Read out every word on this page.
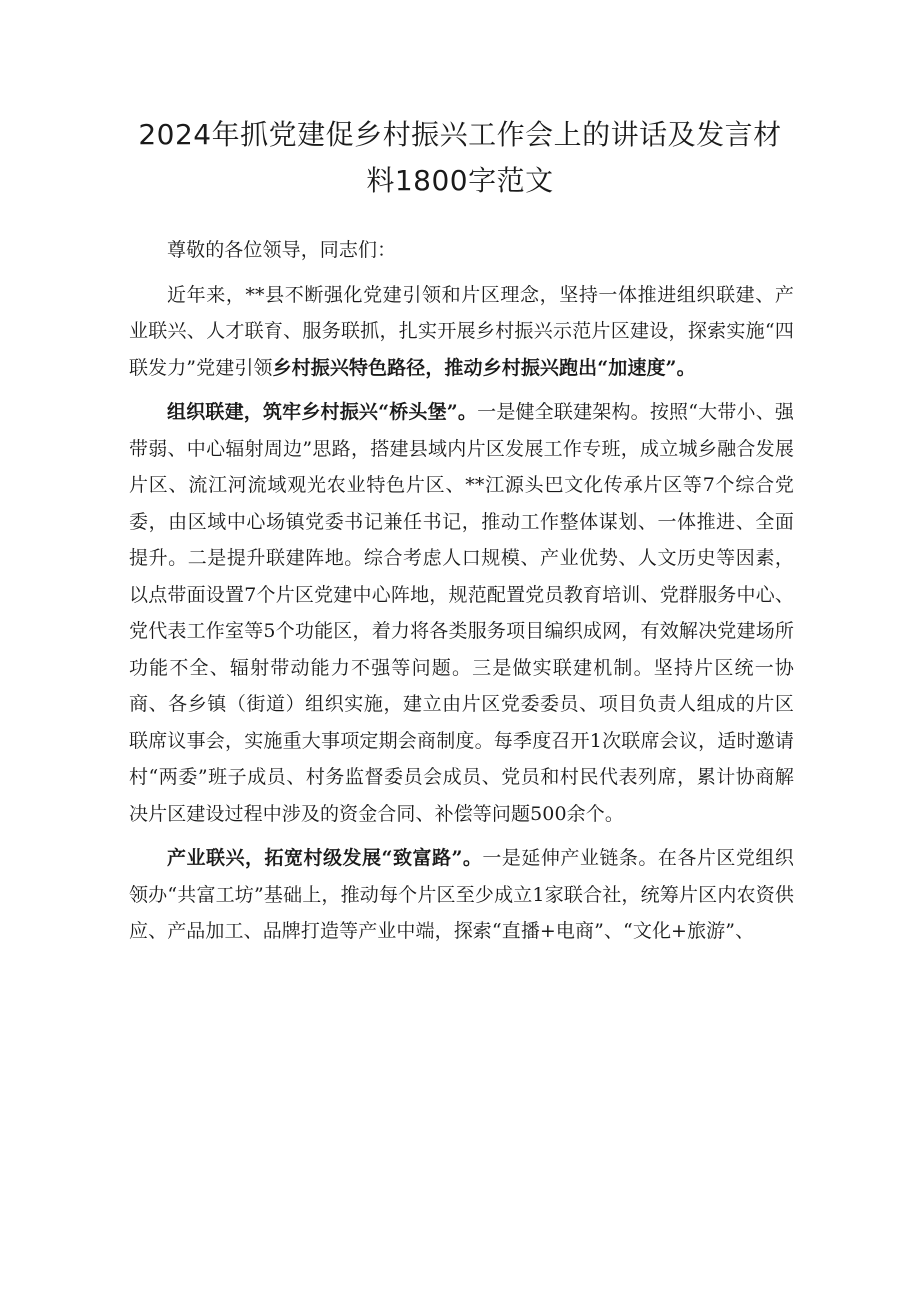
2024年抓党建促乡村振兴工作会上的讲话及发言材
料1800字范文

尊敬的各位领导，同志们：

近年来，**县不断强化党建引领和片区理念，坚持一体推进组织联建、产业联兴、人才联育、服务联抓，扎实开展乡村振兴示范片区建设，探索实施“四联发力”党建引领乡村振兴特色路径，推动乡村振兴跑出“加速度”。

组织联建，筑牢乡村振兴“桥头堡”。一是健全联建架构。按照“大带小、强带弱、中心辐射周边”思路，搭建县域内片区发展工作专班，成立城乡融合发展片区、流江河流域观光农业特色片区、**江源头巴文化传承片区等7个综合党委，由区域中心场镇党委书记兼任书记，推动工作整体谋划、一体推进、全面提升。二是提升联建阵地。综合考虑人口规模、产业优势、人文历史等因素，以点带面设置7个片区党建中心阵地，规范配置党员教育培训、党群服务中心、党代表工作室等5个功能区，着力将各类服务项目编织成网，有效解决党建场所功能不全、辐射带动能力不强等问题。三是做实联建机制。坚持片区统一协商、各乡镇（街道）组织实施，建立由片区党委委员、项目负责人组成的片区联席议事会，实施重大事项定期会商制度。每季度召开1次联席会议，适时邀请村“两委”班子成员、村务监督委员会成员、党员和村民代表列席，累计协商解决片区建设过程中涉及的资金合同、补偿等问题500余个。

产业联兴，拓宽村级发展“致富路”。一是延伸产业链条。在各片区党组织领办“共富工坊”基础上，推动每个片区至少成立1家联合社，统筹片区内农资供应、产品加工、品牌打造等产业中端，探索“直播+电商”、“文化+旅游”、
